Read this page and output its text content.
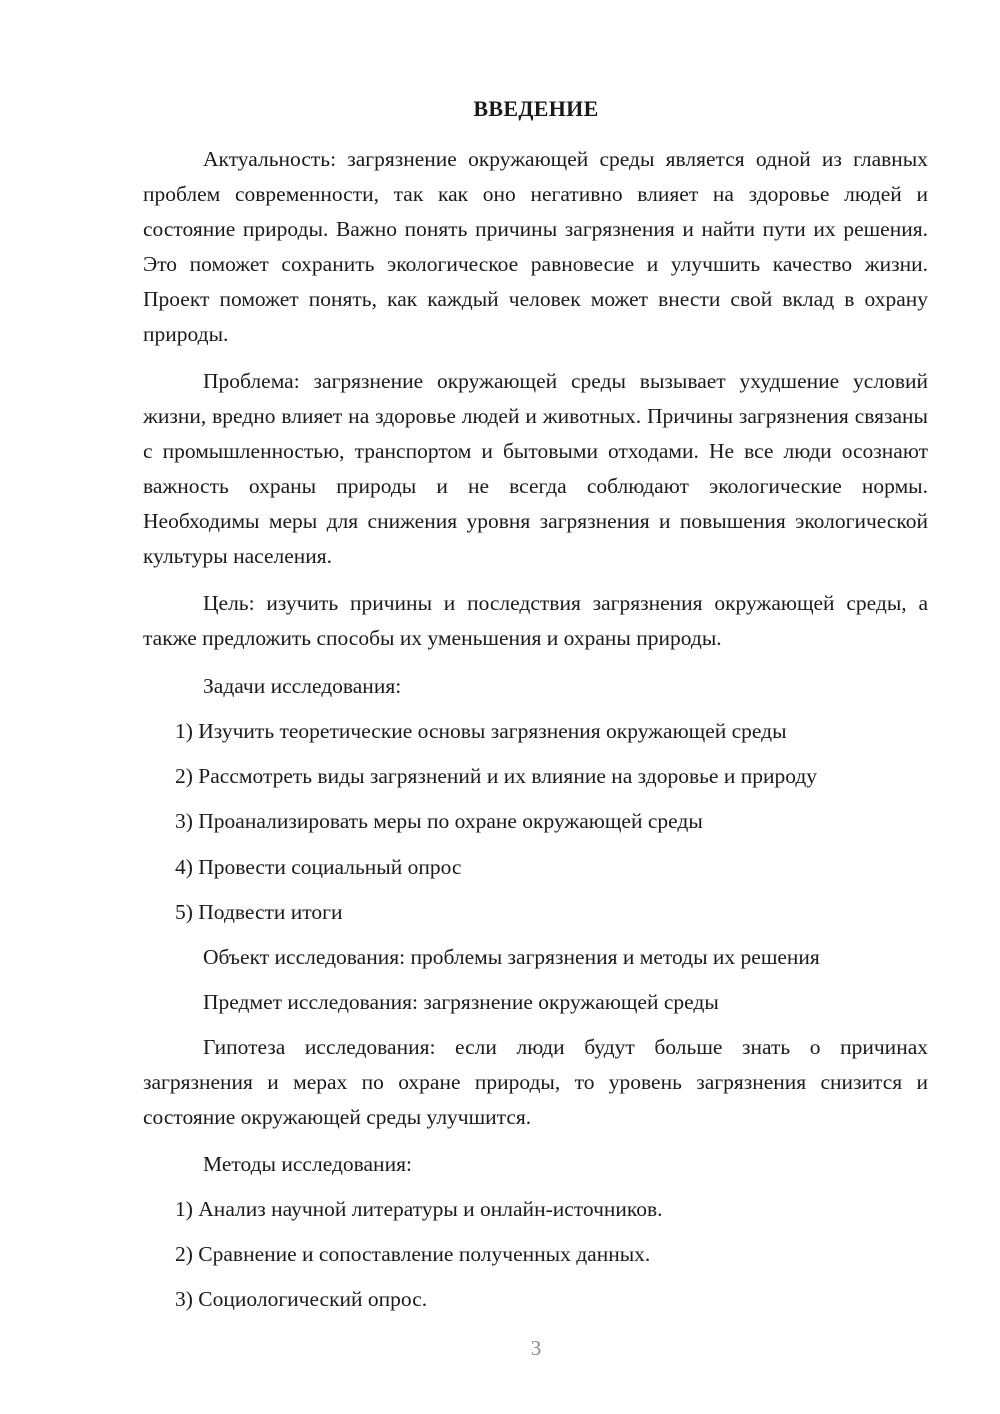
ВВЕДЕНИЕ

Актуальность: загрязнение окружающей среды является одной из главных проблем современности, так как оно негативно влияет на здоровье людей и состояние природы. Важно понять причины загрязнения и найти пути их решения. Это поможет сохранить экологическое равновесие и улучшить качество жизни. Проект поможет понять, как каждый человек может внести свой вклад в охрану природы.

Проблема: загрязнение окружающей среды вызывает ухудшение условий жизни, вредно влияет на здоровье людей и животных. Причины загрязнения связаны с промышленностью, транспортом и бытовыми отходами. Не все люди осознают важность охраны природы и не всегда соблюдают экологические нормы. Необходимы меры для снижения уровня загрязнения и повышения экологической культуры населения.

Цель: изучить причины и последствия загрязнения окружающей среды, а также предложить способы их уменьшения и охраны природы.

Задачи исследования:

1) Изучить теоретические основы загрязнения окружающей среды

2) Рассмотреть виды загрязнений и их влияние на здоровье и природу

3) Проанализировать меры по охране окружающей среды

4) Провести социальный опрос

5) Подвести итоги

Объект исследования: проблемы загрязнения и методы их решения

Предмет исследования: загрязнение окружающей среды

Гипотеза исследования: если люди будут больше знать о причинах загрязнения и мерах по охране природы, то уровень загрязнения снизится и состояние окружающей среды улучшится.

Методы исследования:

1) Анализ научной литературы и онлайн-источников.

2) Сравнение и сопоставление полученных данных.

3) Социологический опрос.

3
